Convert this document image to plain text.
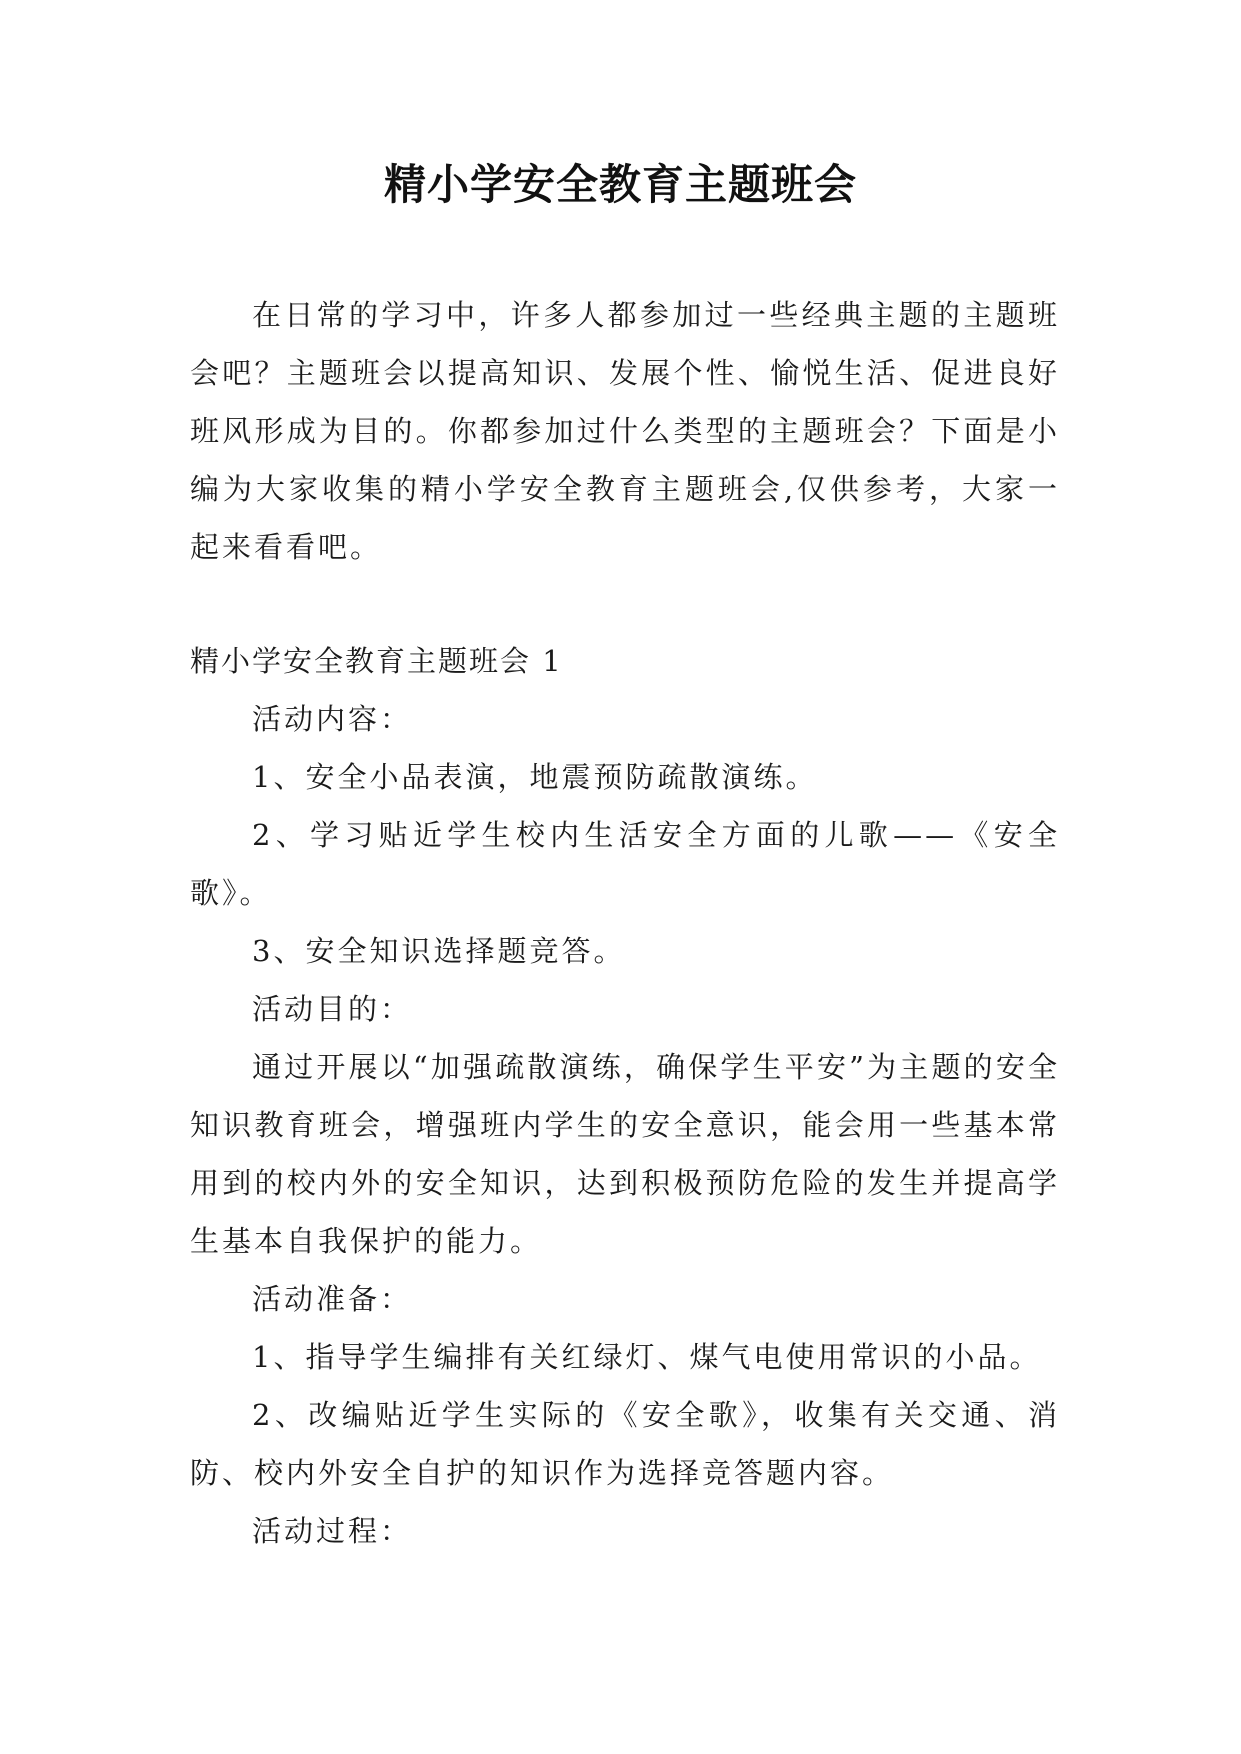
精小学安全教育主题班会

在日常的学习中，许多人都参加过一些经典主题的主题班会吧？主题班会以提高知识、发展个性、愉悦生活、促进良好班风形成为目的。你都参加过什么类型的主题班会？下面是小编为大家收集的精小学安全教育主题班会,仅供参考，大家一起来看看吧。

精小学安全教育主题班会 1

活动内容：

1、安全小品表演，地震预防疏散演练。

2、学习贴近学生校内生活安全方面的儿歌——《安全歌》。

3、安全知识选择题竞答。

活动目的：

通过开展以“加强疏散演练，确保学生平安”为主题的安全知识教育班会，增强班内学生的安全意识，能会用一些基本常用到的校内外的安全知识，达到积极预防危险的发生并提高学生基本自我保护的能力。

活动准备：

1、指导学生编排有关红绿灯、煤气电使用常识的小品。

2、改编贴近学生实际的《安全歌》，收集有关交通、消防、校内外安全自护的知识作为选择竞答题内容。

活动过程：
